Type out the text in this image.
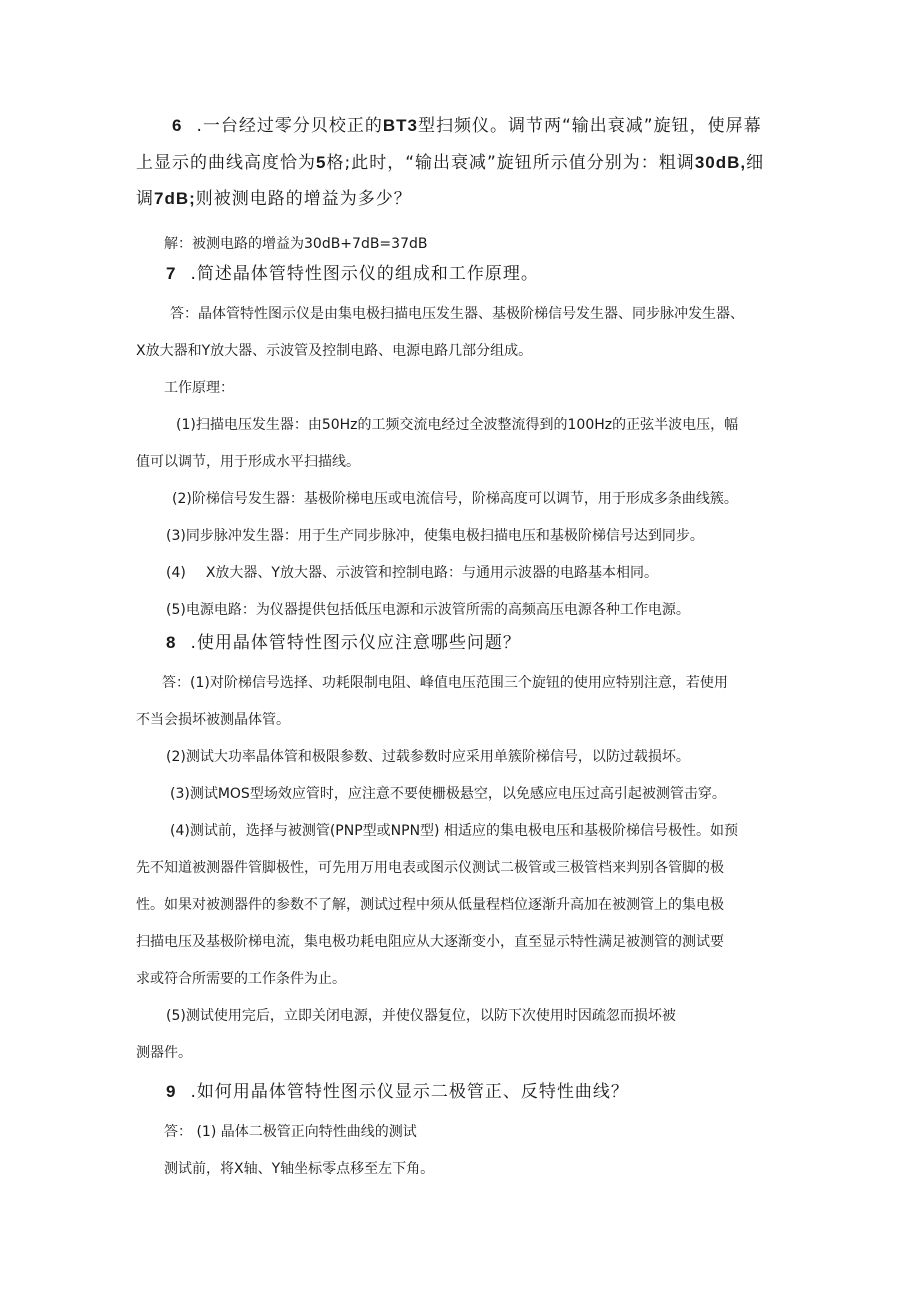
6 .一台经过零分贝校正的BT3型扫频仪。调节两“输出衰减”旋钮，使屏幕
上显示的曲线高度恰为5格;此时，“输出衰减”旋钮所示值分别为：粗调30dB,细
调7dB;则被测电路的增益为多少？
解：被测电路的增益为30dB+7dB=37dB
7 .简述晶体管特性图示仪的组成和工作原理。
答：晶体管特性图示仪是由集电极扫描电压发生器、基极阶梯信号发生器、同步脉冲发生器、
X放大器和Y放大器、示波管及控制电路、电源电路几部分组成。
工作原理：
(1)扫描电压发生器：由50Hz的工频交流电经过全波整流得到的100Hz的正弦半波电压，幅
值可以调节，用于形成水平扫描线。
(2)阶梯信号发生器：基极阶梯电压或电流信号，阶梯高度可以调节，用于形成多条曲线簇。
(3)同步脉冲发生器：用于生产同步脉冲，使集电极扫描电压和基极阶梯信号达到同步。
(4) X放大器、Y放大器、示波管和控制电路：与通用示波器的电路基本相同。
(5)电源电路：为仪器提供包括低压电源和示波管所需的高频高压电源各种工作电源。
8 .使用晶体管特性图示仪应注意哪些问题？
答：(1)对阶梯信号选择、功耗限制电阻、峰值电压范围三个旋钮的使用应特别注意，若使用
不当会损坏被测晶体管。
(2)测试大功率晶体管和极限参数、过载参数时应采用单簇阶梯信号，以防过载损坏。
(3)测试MOS型场效应管时，应注意不要使栅极悬空，以免感应电压过高引起被测管击穿。
(4)测试前，选择与被测管(PNP型或NPN型) 相适应的集电极电压和基极阶梯信号极性。如预
先不知道被测器件管脚极性，可先用万用电表或图示仪测试二极管或三极管档来判别各管脚的极
性。如果对被测器件的参数不了解，测试过程中须从低量程档位逐渐升高加在被测管上的集电极
扫描电压及基极阶梯电流，集电极功耗电阻应从大逐渐变小，直至显示特性满足被测管的测试要
求或符合所需要的工作条件为止。
(5)测试使用完后，立即关闭电源，并使仪器复位，以防下次使用时因疏忽而损坏被
测器件。
9 .如何用晶体管特性图示仪显示二极管正、反特性曲线？
答： (1) 晶体二极管正向特性曲线的测试
测试前，将X轴、Y轴坐标零点移至左下角。
